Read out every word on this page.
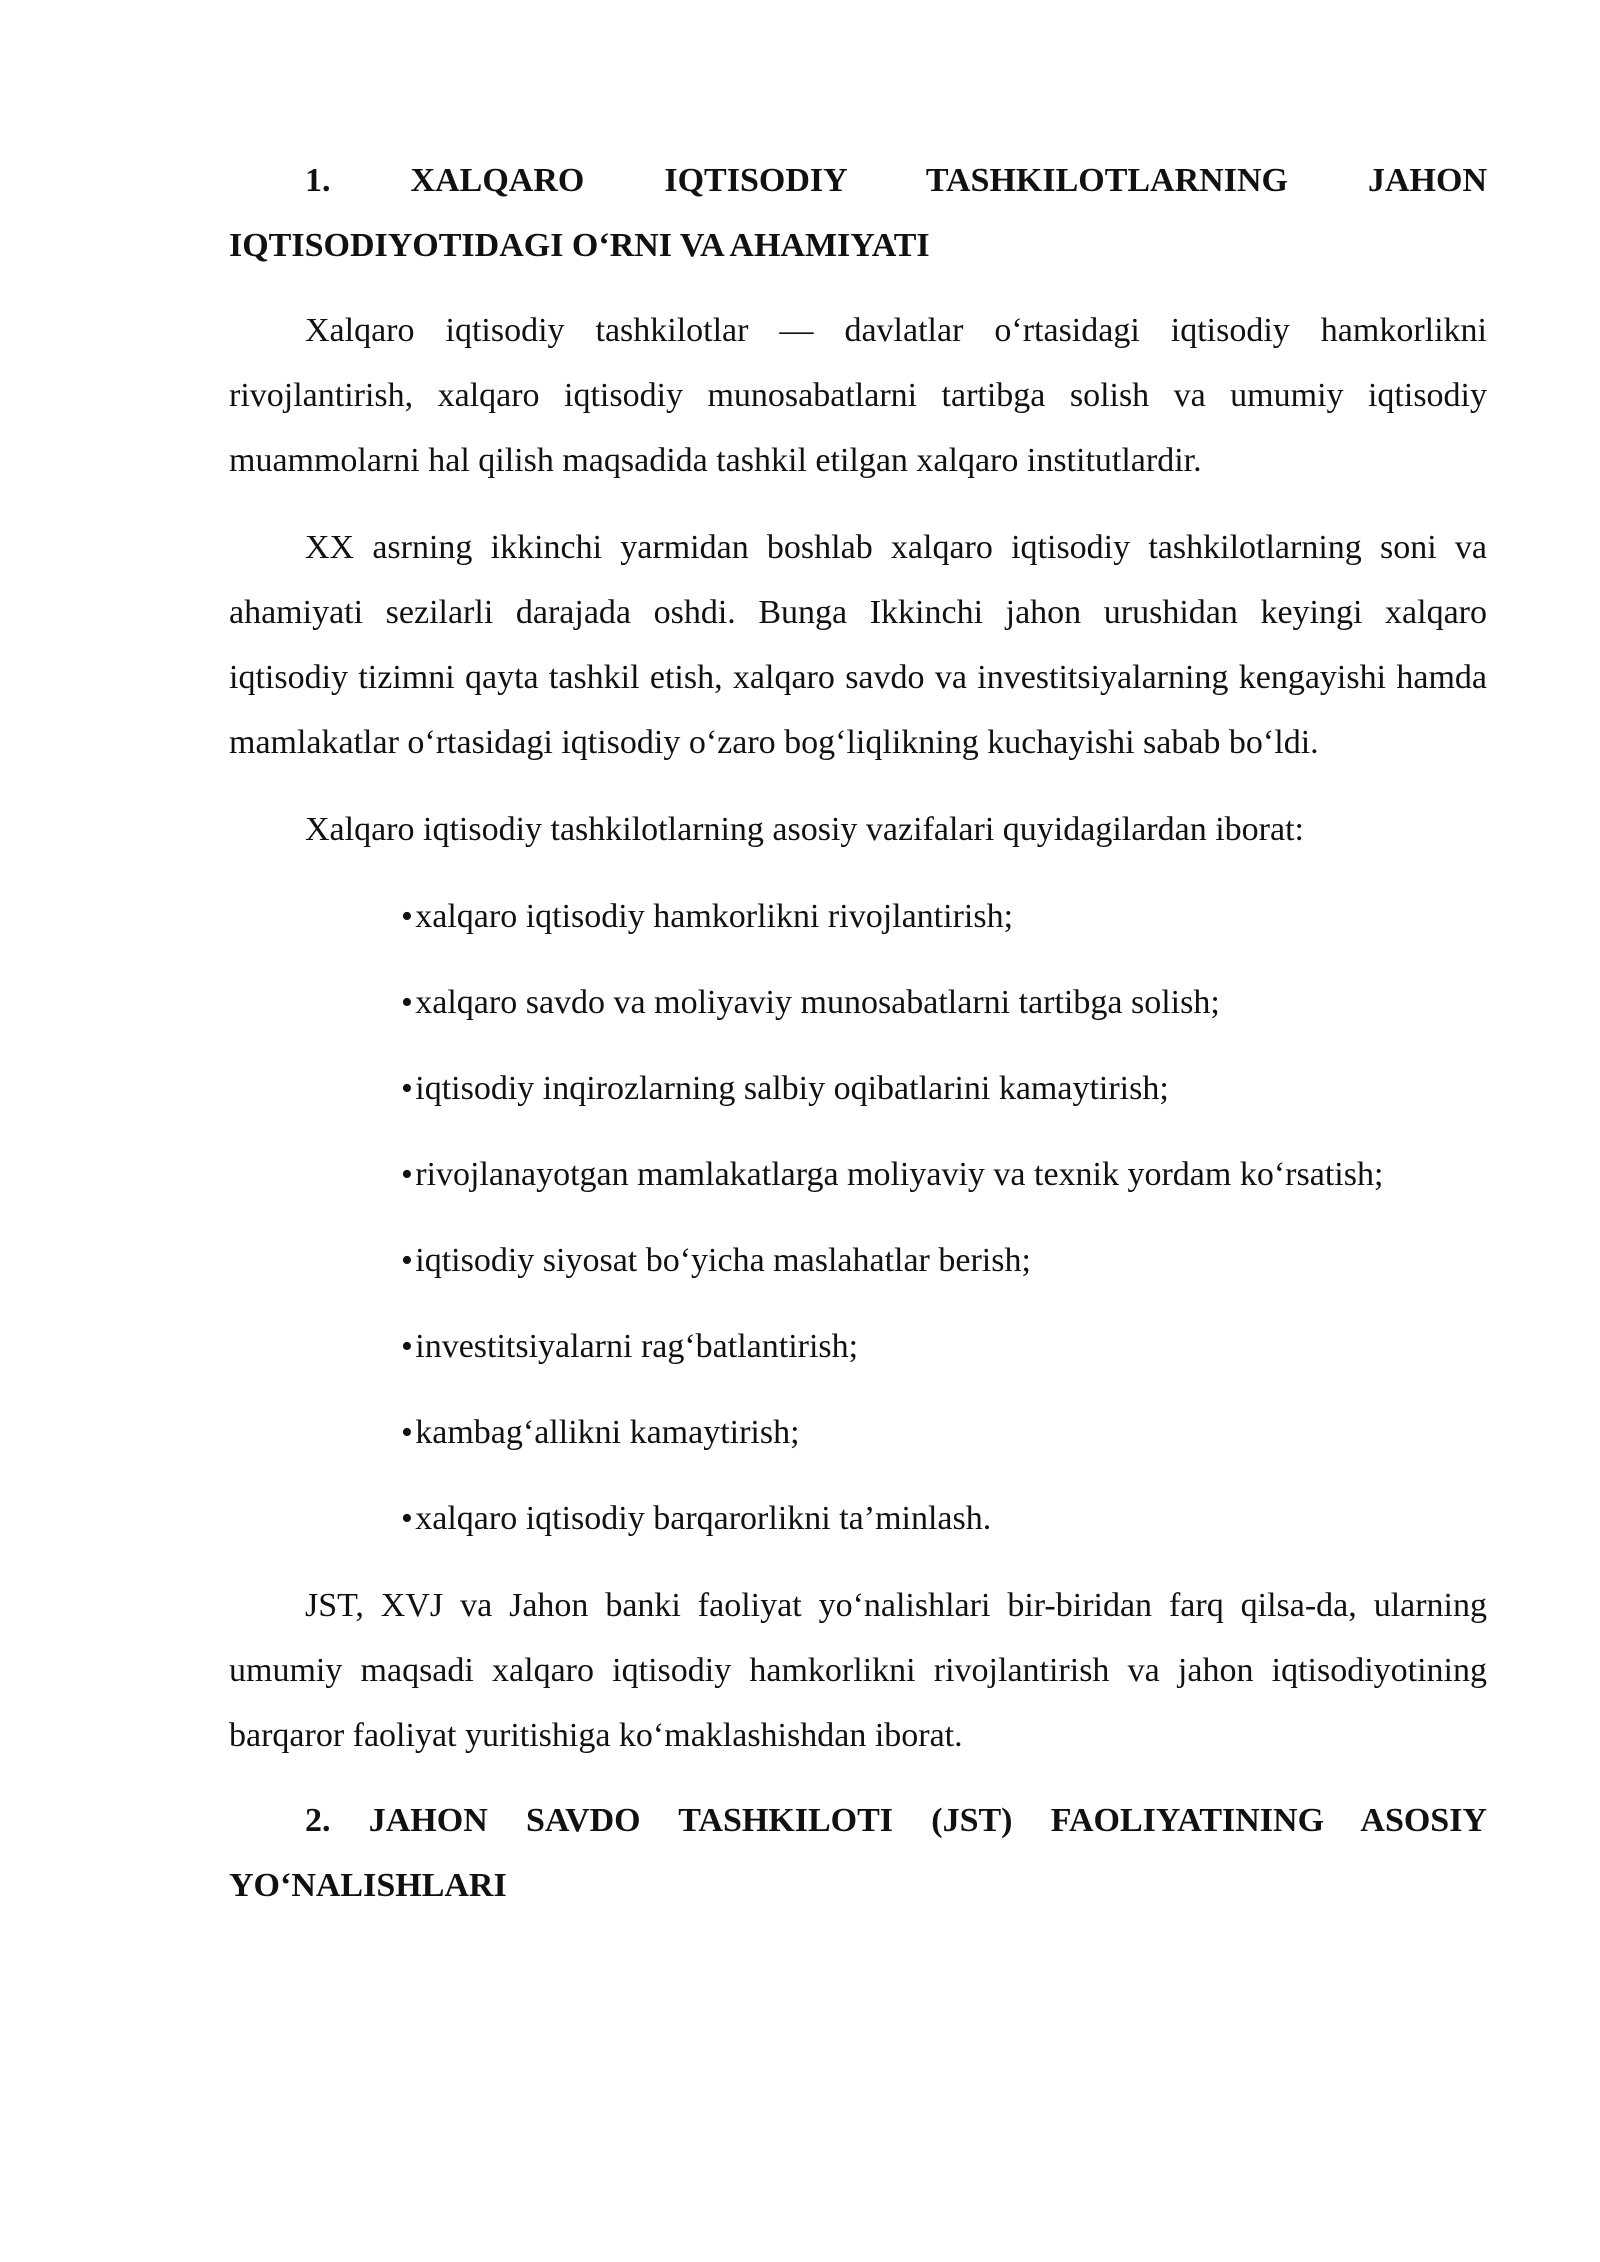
1. XALQARO IQTISODIY TASHKILOTLARNING JAHON IQTISODIYOTIDAGI O‘RNI VA AHAMIYATI

Xalqaro iqtisodiy tashkilotlar — davlatlar o‘rtasidagi iqtisodiy hamkorlikni rivojlantirish, xalqaro iqtisodiy munosabatlarni tartibga solish va umumiy iqtisodiy muammolarni hal qilish maqsadida tashkil etilgan xalqaro institutlardir.

XX asrning ikkinchi yarmidan boshlab xalqaro iqtisodiy tashkilotlarning soni va ahamiyati sezilarli darajada oshdi. Bunga Ikkinchi jahon urushidan keyingi xalqaro iqtisodiy tizimni qayta tashkil etish, xalqaro savdo va investitsiyalarning kengayishi hamda mamlakatlar o‘rtasidagi iqtisodiy o‘zaro bog‘liqlikning kuchayishi sabab bo‘ldi.

Xalqaro iqtisodiy tashkilotlarning asosiy vazifalari quyidagilardan iborat:

•xalqaro iqtisodiy hamkorlikni rivojlantirish;
•xalqaro savdo va moliyaviy munosabatlarni tartibga solish;
•iqtisodiy inqirozlarning salbiy oqibatlarini kamaytirish;
•rivojlanayotgan mamlakatlarga moliyaviy va texnik yordam ko‘rsatish;
•iqtisodiy siyosat bo‘yicha maslahatlar berish;
•investitsiyalarni rag‘batlantirish;
•kambag‘allikni kamaytirish;
•xalqaro iqtisodiy barqarorlikni ta’minlash.

JST, XVJ va Jahon banki faoliyat yo‘nalishlari bir-biridan farq qilsa-da, ularning umumiy maqsadi xalqaro iqtisodiy hamkorlikni rivojlantirish va jahon iqtisodiyotining barqaror faoliyat yuritishiga ko‘maklashishdan iborat.

2. JAHON SAVDO TASHKILOTI (JST) FAOLIYATINING ASOSIY YO‘NALISHLARI
